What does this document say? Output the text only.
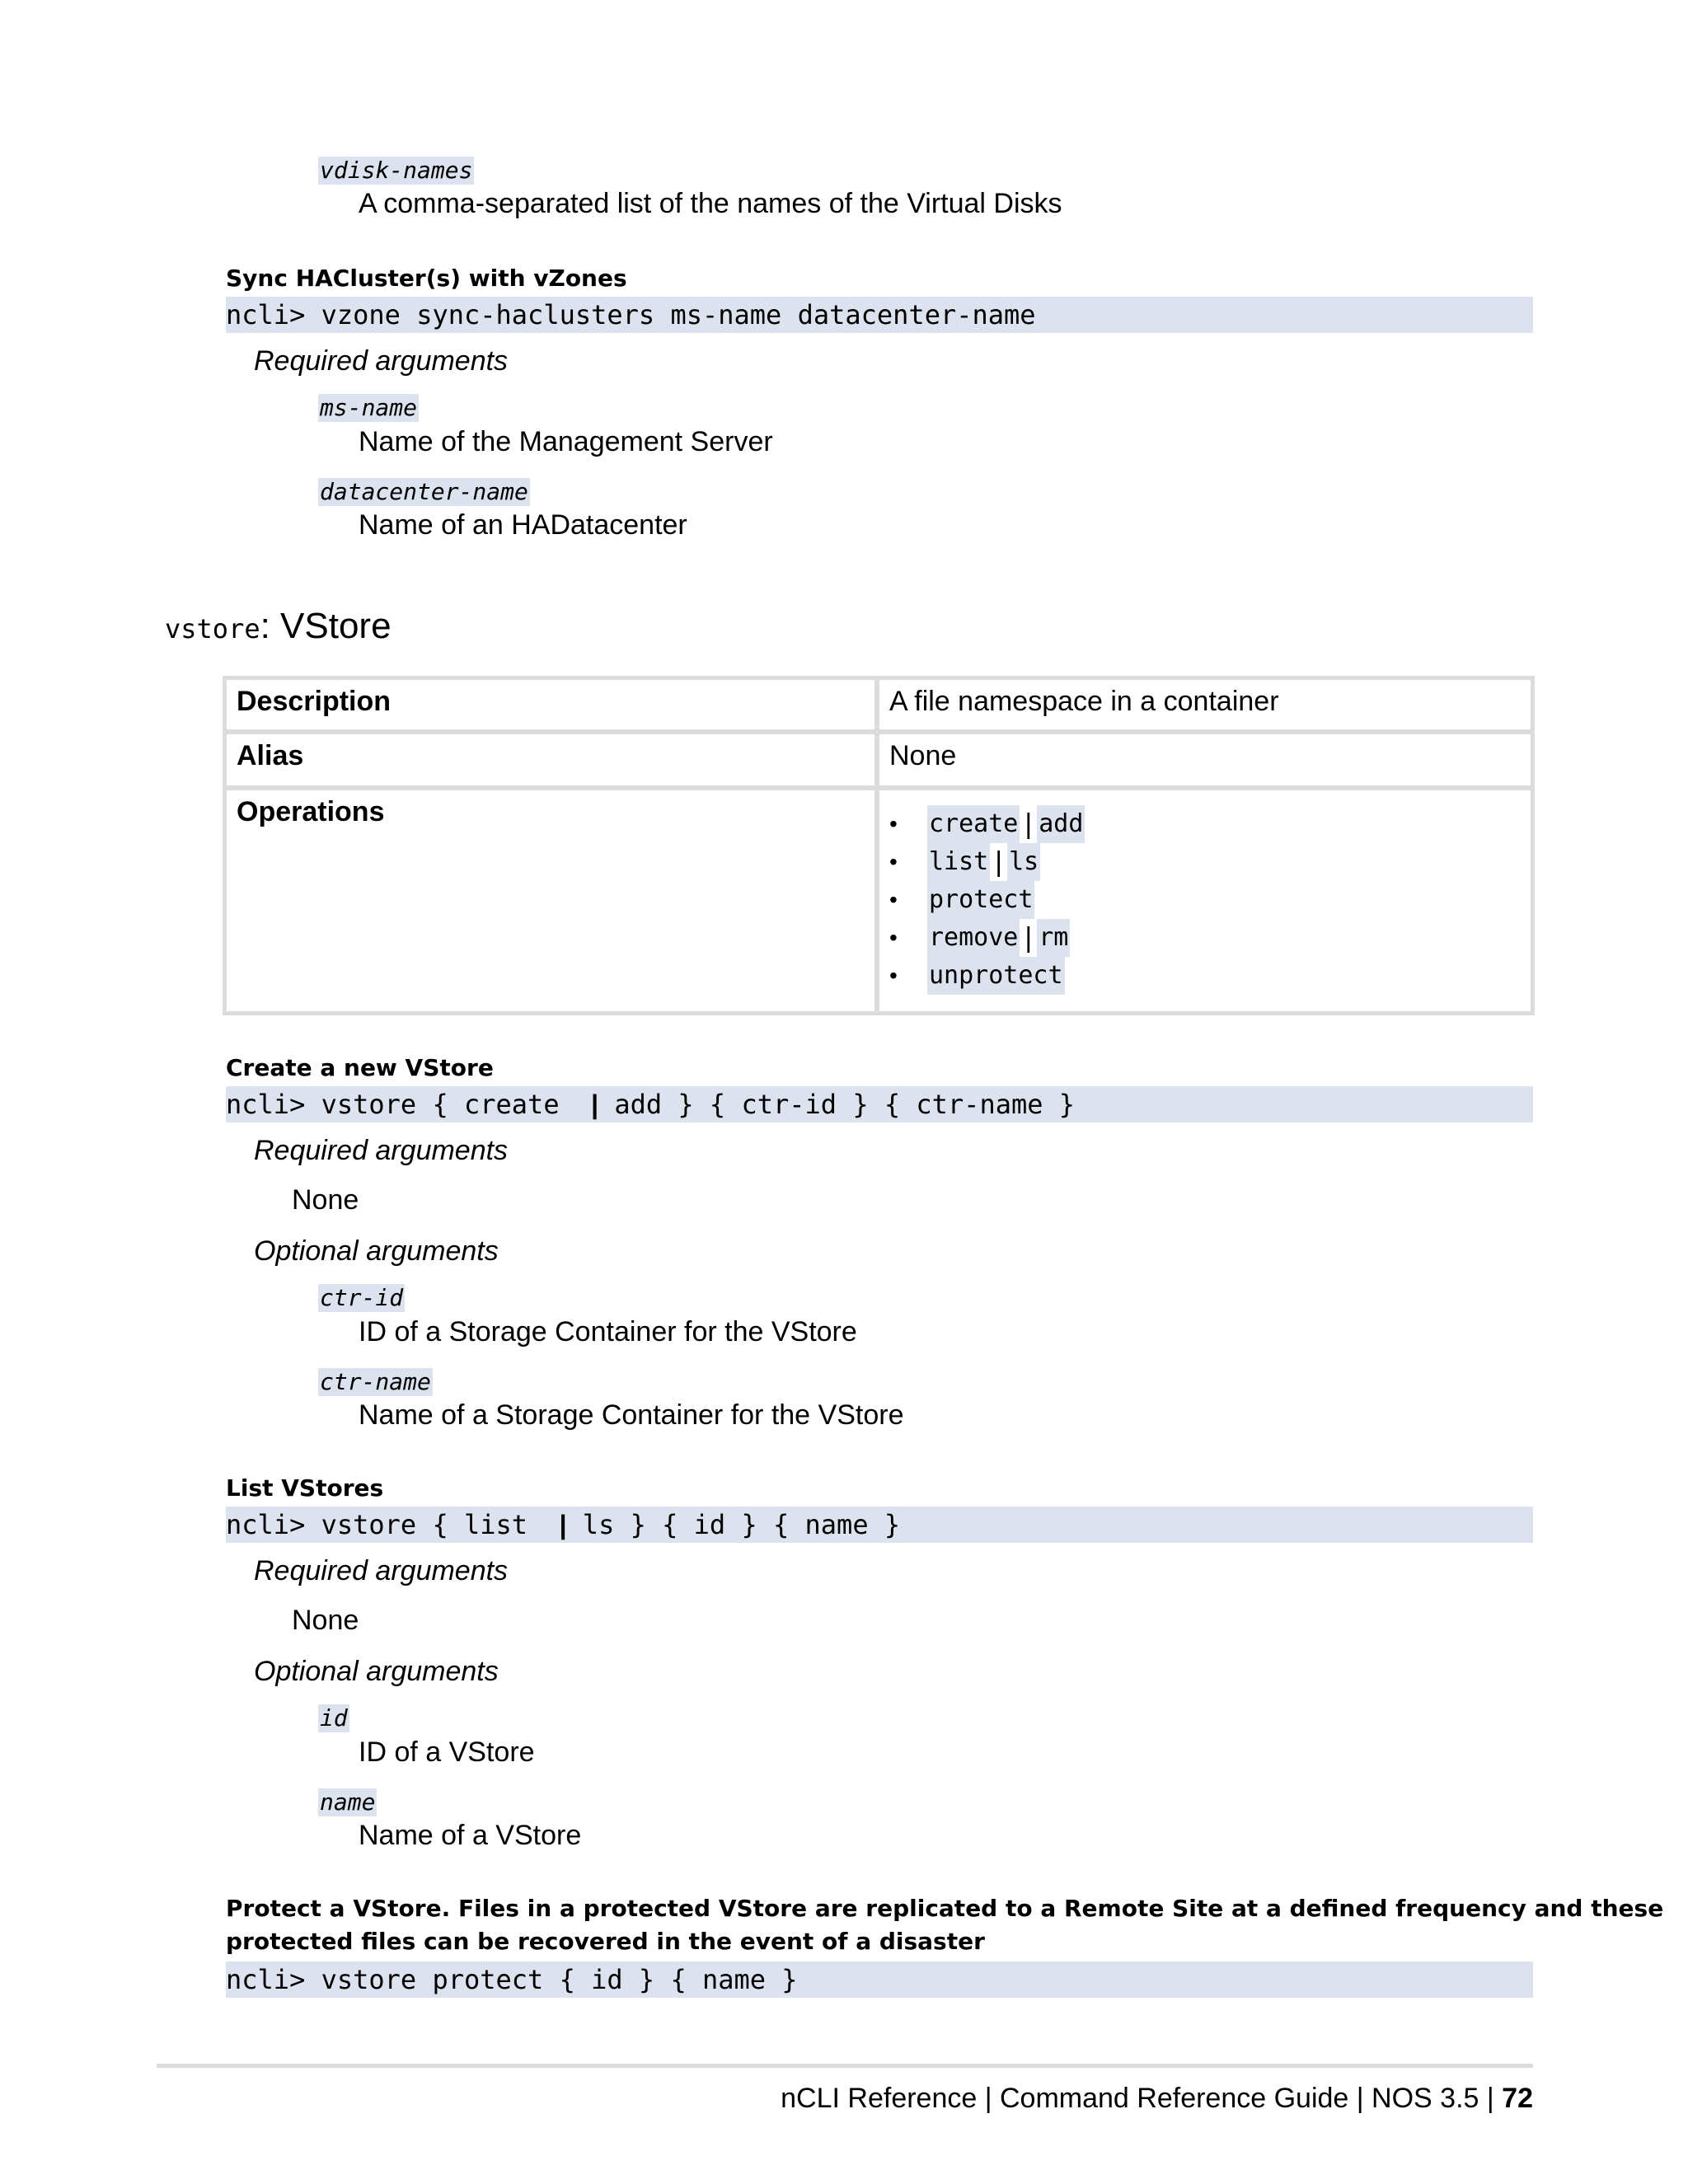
vdisk-names
A comma-separated list of the names of the Virtual Disks
Sync HACluster(s) with vZones
ncli> vzone sync-haclusters ms-name datacenter-name
Required arguments
ms-name
Name of the Management Server
datacenter-name
Name of an HADatacenter
vstore: VStore
Description	A file namespace in a container
Alias	None
Operations	•	create | add
•	list | ls
•	protect
•	remove | rm
•	unprotect
Create a new VStore
ncli> vstore { create  | add } { ctr-id } { ctr-name }
Required arguments
None
Optional arguments
ctr-id
ID of a Storage Container for the VStore
ctr-name
Name of a Storage Container for the VStore
List VStores
ncli> vstore { list  | ls } { id } { name }
Required arguments
None
Optional arguments
id
ID of a VStore
name
Name of a VStore
Protect a VStore. Files in a protected VStore are replicated to a Remote Site at a defined frequency and these
protected files can be recovered in the event of a disaster
ncli> vstore protect { id } { name }
nCLI Reference | Command Reference Guide | NOS 3.5 | 72
